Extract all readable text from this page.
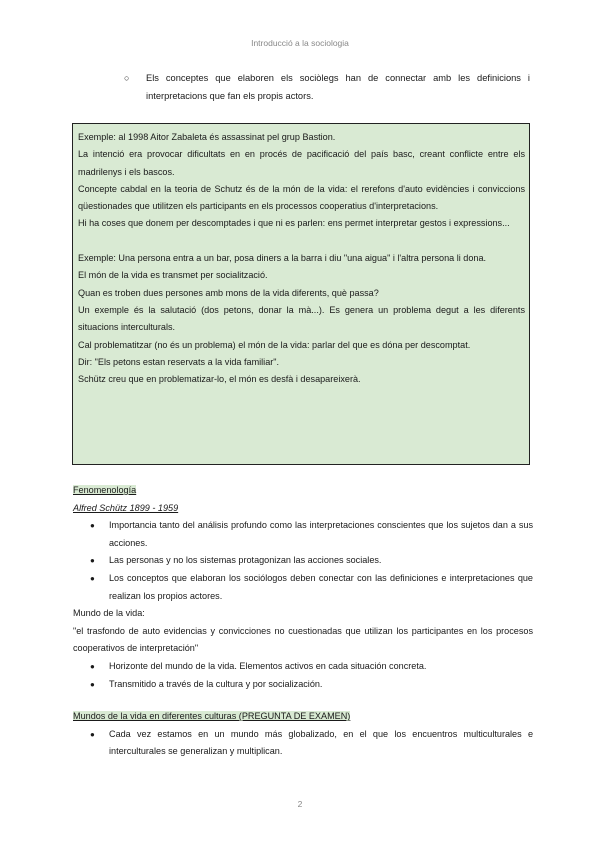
Introducció a la sociologia
○	Els conceptes que elaboren els sociòlegs han de connectar amb les definicions i interpretacions que fan els propis actors.

Exemple: al 1998 Aitor Zabaleta és assassinat pel grup Bastion.

La intenció era provocar dificultats en en procés de pacificació del país basc, creant conflicte entre els madrilenys i els bascos.

Concepte cabdal en la teoria de Schutz és de la món de la vida: el rerefons d'auto evidències i conviccions qüestionades que utilitzen els participants en els processos cooperatius d'interpretacions.

Hi ha coses que donem per descomptades i que ni es parlen: ens permet interpretar gestos i expressions...

Exemple: Una persona entra a un bar, posa diners a la barra i diu "una aigua" i l'altra persona li dona.

El món de la vida es transmet per socialització.

Quan es troben dues persones amb mons de la vida diferents, què passa?

Un exemple és la salutació (dos petons, donar la mà...). Es genera un problema degut a les diferents situacions interculturals.

Cal problematitzar (no és un problema) el món de la vida: parlar del que es dóna per descomptat.

Dir: "Els petons estan reservats a la vida familiar".

Schütz creu que en problematizar-lo, el món es desfà i desapareixerà.

Fenomenología
Alfred Schütz 1899 - 1959
● Importancia tanto del análisis profundo como las interpretaciones conscientes que los sujetos dan a sus acciones.
● Las personas y no los sistemas protagonizan las acciones sociales.
● Los conceptos que elaboran los sociólogos deben conectar con las definiciones e interpretaciones que realizan los propios actores.

Mundo de la vida:

"el trasfondo de auto evidencias y convicciones no cuestionadas que utilizan los participantes en los procesos cooperativos de interpretación"

● Horizonte del mundo de la vida. Elementos activos en cada situación concreta.
● Transmitido a través de la cultura y por socialización.
Mundos de la vida en diferentes culturas (PREGUNTA DE EXAMEN)
● Cada vez estamos en un mundo más globalizado, en el que los encuentros multiculturales e interculturales se generalizan y multiplican.
2
